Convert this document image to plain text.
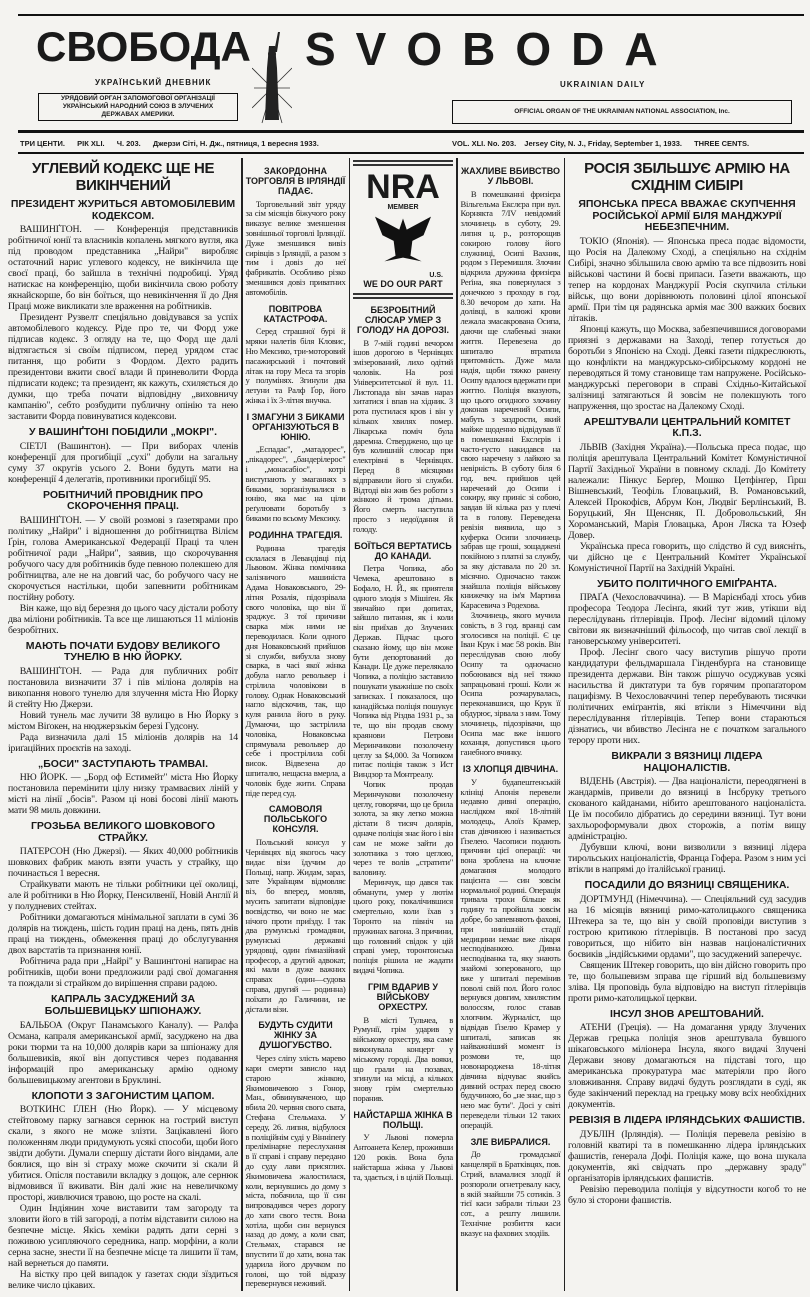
СВОБОДА SVOBODA
УКРАЇНСЬКИЙ ДНЕВНИК	UKRAINIAN DAILY
УРЯДОВИЙ ОРГАН ЗАПОМОГОВОЇ ОРГАНІЗАЦІЇ УКРАЇНСЬКИЙ НАРОДНИЙ СОЮЗ В ЗЛУЧЕНИХ ДЕРЖАВАХ АМЕРИКИ.	OFFICIAL ORGAN OF THE UKRAINIAN NATIONAL ASSOCIATION, Inc.
ТРИ ЦЕНТИ. РІК XLI. Ч. 203. Джерзи Сіті, Н. Дж., пятниця, 1 вересня 1933.	VOL. XLI. No. 203. Jersey City, N. J., Friday, September 1, 1933. THREE CENTS.
УГЛЕВИЙ КОДЕКС ЩЕ НЕ ВИКІНЧЕНИЙ
ПРЕЗИДЕНТ ЖУРИТЬСЯ АВТОМОБІЛЕВИМ КОДЕКСОМ.

ВАШИНҐТОН. — Конференція представників робітничої юнії та власників копалень мягкого вугля, яка під проводом представника „Найри" виробляє остаточний нарис углевого кодексу, не викінчила ще своєї праці, бо зайшла в технічні подробиці. Уряд натискає на конференцію, щоби викінчила свою роботу якнайскорше, бо він боїться, що невикінчення її до Дня Праці може викликати зле враження на робітників.

Президент Рузвелт спеціяльно довідувався за успіх автомобілевого кодексу. Ріде про те, чи Форд уже підписав кодекс. З огляду на те, що Форд ще далі відтягається зі своїм підписом, перед урядом стає питання, що робити з Фордом. Дехто радить президентови вжити своєї влади й приневолити Форда підписати кодекс; та президент, як кажуть, схиляється до думки, що треба почати відповідну „виховничу кампанію", себто розбудити публичну опінію та нею заставити Форда повинуватися кодексови.

У ВАШИНҐТОНІ ПОБІДИЛИ „МОКРІ".

СІЕТЛ (Вашинґтон). — При виборах членів конференції для прогибіції „сухі" добули на загальну суму 37 округів усього 2. Вони будуть мати на конференції 4 делегатів, противники прогибіції 95.

РОБІТНИЧИЙ ПРОВІДНИК ПРО СКОРОЧЕННЯ ПРАЦІ.

ВАШИНҐТОН. — У своїй розмові з ґазетярами про політику „Найри" і відношення до робітництва Вілієм Ґрін, голова Американської Федерації Праці та член робітничої ради „Найри", заявив, що скорочування робучого часу для робітників буде певною полекшею для робітництва, але не на довгий час, бо робучого часу не скорочується настільки, щоби запевнити робітникам постійну роботу.

Він каже, що від березня до цього часу дістали роботу два міліони робітників. Та все ще лишаються 11 міліонів безробітних.

МАЮТЬ ПОЧАТИ БУДОВУ ВЕЛИКОГО ТУНЕЛЮ В НЮ ЙОРКУ.

ВАШИНҐТОН. — Рада для публичних робіт постановила визначити 37 і пів міліона долярів на викопання нового тунелю для злучення міста Ню Йорку й стейту Ню Джерзи.

Новий тунель має лучити 38 вулицю в Ню Йорку з містом Віґокен, на нюджерзькім березі Гудсону.

Рада визначила далі 15 міліонів долярів на 14 іриґаційних проєктів на заході.

„БОСИ" ЗАСТУПАЮТЬ ТРАМВАІ.

НЮ ЙОРК. — „Борд оф Естимейт" міста Ню Йорку постановила перемінити цілу низку трамваєвих ліній у місті на лінії „босів". Разом ці нові босові лінії мають мати 98 миль довжини.

ГРОЗЬБА ВЕЛИКОГО ШОВКОВОГО СТРАЙКУ.

ПАТЕРСОН (Ню Джерзі). — Яких 40,000 робітників шовкових фабрик мають взяти участь у страйку, що починається 1 вересня.

Страйкувати мають не тільки робітники цеї околиці, але й робітники в Ню Йорку, Пенсилвенії, Новій Англії й у полудневих стейтах.

Робітники домагаються мінімальної заплати в сумі 36 долярів на тиждень, шість годин праці на день, пять днів праці на тиждень, обмеження праці до обслугування двох варстатів та признання юнії.

Робітнича рада при „Найрі" у Вашинґтоні напирає на робітників, щоби вони предложили раді свої домагання та пождали зі страйком до вирішення справи радою.

КАПРАЛЬ ЗАСУДЖЕНИЙ ЗА БОЛЬШЕВИЦЬКУ ШПІОНАЖУ.

БАЛЬБОА (Округ Панамського Каналу). — Ралфа Османа, капраля американської армії, засуджено на два роки тюрми та на 10,000 долярів кари за шпіонажу для большевиків, якої він допустився через подавання інформацій про американську армію одному большевицькому агентови в Бруклині.

КЛОПОТИ З ЗАГОНИСТИМ ЦАПОМ.

ВОТКИНС ҐЛЕН (Ню Йорк). — У місцевому стейтовому парку загнався сернюк на гострий виступ скали, з якого не може злізти. Зацікавлені його положенням люди придумують усякі способи, щоби його звідти добути. Думали спершу дістати його віндами, але боялися, що він зі страху може скочити зі скали й убитися. Опісля поставили вкладку з дощок, але сернюк відмовився її вживати. Він далі жиє на невеличкому просторі, живлючися травою, що росте на скалі.

Один Індіянин хоче виставити там загороду та зловити його в тій загороді, а потім відставити силою на безпечне місце. Якісь хеміки радять дати серні з поживою усипляючого середника, напр. морфіни, а коли серна засне, знести її на безпечне місце та лишити її там, най вернеться до памяти.

На вістку про цей випадок у ґазетах сюди зїздиться велике число цікавих.

ЗАКОРДОННА ТОРГОВЛЯ В ІРЛЯНДІЇ ПАДАЄ.

Торговельний звіт уряду за сім місяців біжучого року виказує велике зменшення зовнішньої торговлі Ірляндії. Дуже зменшився вивіз сирівців з Ірляндії, а разом з тим і довіз до неї фабрикатів. Особливо різко зменшився довіз приватних автомобілів.

ПОВІТРОВА КАТАСТРОФА.

Серед страшної бурі й мряки налетів біля Кловис, Ню Мексико, три-моторовий пасажирський і почтовий літак на гору Меса та згорів у полумінях. Згинули два летуни та Ралф Ґор, його жінка і їх 3-літня внучка.

І ЗМАГУНИ З БИКАМИ ОРГАНІЗУЮТЬСЯ В ЮНІЮ.

„Еспадас", „матадорес", „пікадорес", „бандерілерос" і „монасабіос", котрі виступають у змаганнях з биками, зорґанізувалися в юнію, яка має на ціли реґулювати боротьбу з биками по всьому Мексику.

РОДИННА ТРАГЕДІЯ.

Родинна трагедія склалася в Левандівці під Львовом. Жінка помічника залізничого машиніста Адама Новаковського, 29-літня Розалія, підозрівала свого чоловіка, що він її зраджує. З тої причини сварка між ними не переводилася. Коли одного дня Новаковський прийшов зі служби, вибухла знову сварка, в часі якої жінка добула нагло револьвер і стрілила чоловікови в голову. Однак Новаковський нагло відскочив, так, що куля ранила його в руку. Думаючи, що застрілила чоловіка, Новаковська спрямувала револьвер до себе і прострілила собі висок. Відвезена до шпиталю, нещасна вмерла, а чоловік буде жити. Справа піде перед суд.

САМОВОЛЯ ПОЛЬСЬКОГО КОНСУЛЯ.

Польський консул у Чернівцях від якогось часу видає візи їдучим до Польщі, напр. Жидам, зараз, зате Українцям відмовляє віз, бо вперед, мовляв, мусить запитати відповідне воєвідство, чи воно не має нічого проти приїзду. І так два румунські громадяни, румунські державні урядовці, один ґімназійний професор, а другий адвокат, які мали в дуже важних справах (один—судова справа, другий — родинна) поїхати до Галичини, не дістали візи.

БУДУТЬ СУДИТИ ЖІНКУ ЗА ДУШОГУБСТВО.

Через сліпу злість марево кари смерти зависло над старою жінкою, Якимовичевою з Гонор, Ман., обвинуваченою, що вбила 20. червня свого свата, Стефана Стельмаха. У середу, 26. липня, відбулося в поліційнім суді у Вінніпеґу прелімінарне переслухання в її справі і справу передано до суду лави присяглих. Якимовичева жалостилася, коли, вернувшись до дому з міста, побачила, що її син випровадився через дорогу до хати свого тестя. Вона хотіла, щоби син вернувся назад до дому, а коли сват, Стельмах, старався не впустити її до хати, вона так ударила його дручком по голові, що той відразу перевернувся неживий.

NRA
MEMBER
U.S.
WE DO OUR PART
БЕЗРОБІТНИЙ СЛЮСАР УМЕР З ГОЛОДУ НА ДОРОЗІ.

В 7-мій годині вечором ішов дорогою в Чернівцях змізерований, лихо одітий чоловік. На розі Університетської й вул. 11. Листопада він зачав нараз хитатися і впав на хідник. З рота пустилася кров і він у кількох хвилях помер. Лікарська поміч була даремна. Стверджено, що це був колишній слюсар при електрівні в Чернівцях. Перед 8 місяцями відправили його зі служби. Відтоді він жив без роботи з жінкою й трома дітьми. Його смерть наступила просто з недоїдання й голоду.

БОЇТЬСЯ ВЕРТАТИСЬ ДО КАНАДИ.

Петра Чопика, або Чемека, арештовано в Бофало, Н. Й., як приятеля одного злодія з Мішіґен. Як звичайно при допитах, зайшло питання, як і коли він приїхав до Злучених Держав. Підчас цього сказано йому, що він може бути депортований до Канади. Це дуже перелякало Чопика, а поліцію заставило пошукати уважніше по своїх записках. І показалося, що канадійська поліція пошукує Чопика від Різдва 1931 р., за те, що він продав свому краянови Петрови Меринчикови позолочену цеглу за $4,000. За Чопиком питає поліція також з Ист Виндзор та Монтреалу.

Чопик продав Меринчукови позолочену цеглу, говорячи, що це брила золота, за яку легко можна дістати 8 тисяч долярів, одначе поліція знає його і він сам не може зайти до золотника з тою цеглою, через те волів „стратити" валовину.

Меринчук, що дався так обманути, умер у лютім цього року, покалічившися смертельно, коли їхав з Торонто на північ на пружинах вагона. З причини, що головний свідок у цій справі умер, торонтонська поліція рішила не жадати видачі Чопика.

ГРІМ ВДАРИВ У ВІЙСЬКОВУ ОРХЕСТРУ.

В місті Тульчеа, в Румунії, грім ударив у військову орхестру, яка саме виконувала концерт у міському городі. Два вояки, що грали на позавах, згинули на місці, а кількох знову грім смертельно поранив.

НАЙСТАРША ЖІНКА В ПОЛЬЩІ.

У Львові померла Антоанета Келер, проживши 120 років. Вона була найстарша жінка у Львові та, здається, і в цілій Польщі.

ЖАХЛИВЕ ВБИВСТВО У ЛЬВОВІ.

В помешканні фризієра Вільгельма Екслєра при вул. Корнякта 7/IV невідомий злочинець в суботу, 29. липня ц. р., розторощив сокирою голову його служниці, Осипі Вахник, родом з Перемишля. Злочин відкрила дружина фризієра Реґіна, яка повернулася з донечкою з проходу в год. 8.30 вечором до хати. На долівці, в калюжі крови лежала змасакрована Осипа, даючи ще слабенькі знаки життя. Перевезена до шпиталю втратила притомність. Дуже мала надія, щоби тяжко ранену Осипу вдалося вдержати при життю. Поліція вказують, що цього огидного злочину доконав наречений Осипи, мабуть з заздрости, який майже щоденно відвідував її в помешканні Екслєрів і часто-густо накидався на свою наречену з лайкою за невірність. В суботу біля 6 год. веч. прийшов цей наречений до Осипи і сокиру, яку приніс зі собою, завдав їй кілька раз у плечі та в голову. Переведена ревізія виявила, що з куферка Осипи злочинець забрав ще гроші, зощаджені покійною з платні за службу, за яку діставала по 20 зл. місячно. Одночасно також знайшла поліція військову книжечку на ім'я Мартина Карасевича з Родехова.

Злочинець, якого мучила совість, в 3 год. вранці сам зголосився на поліції. Є це Іван Крук і має 58 років. Він переслідував свою любу Осипу та одночасно побоювався від неї тяжко запрацьовані гроші. Коли ж Осипа розчарувалась, переконавшися, що Крук її обдурює, зірвала з ним. Тому злочинець, підозрівачи, що Осипа має вже іншого коханця, допустився цього ганебного вчинку.

ІЗ ХЛОПЦЯ ДІВЧИНА.

У будапештенській клініці Апонія перевели недавно дивні операцію, наслідком якої 18-літній молодець, Алоїз Крамер, став дівчиною і називається Ґізелею. Часописи подають причини цієї операції: чи вона зроблена на ключне домагання молодого пацієнта — син зовсім нормальної родині. Операція тривала трохи більше як годину та пройшла зовсім добре, бо запевняють фахові, при нинішній стадії медицини немає вже лікаря несподіванкою. Дивна несподіванка та, яку знають знайомі зоперованого, що вже у шпиталі перемінив поволі свій пол. Його голос вернувся довгим, хвилястим волоссям, голос ставав хлопчим. Журналіст, що відвідав Ґізелю Крамер у шпиталі, записав як найважніший момент із розмови те, що новонароджена 18-літня дівчина відчуває якийсь дивний острах перед своєю будучиною, бо „не знає, що з нею має бути". Досі у світі переведели тільки 12 таких операцій.

ЗЛЕ ВИБРАЛИСЯ.

До громадської канцелярії в Братківцях, пов. Стрий, вламалися злодії й розпороли огнетревалу касу, в якій знайшли 75 сотиків. З тієї каси забрали тільки 23 сот., а решту лишили. Технічне розбиття каси вказує на фахових злодіїв.

РОСІЯ ЗБІЛЬШУЄ АРМІЮ НА СХІДНІМ СИБІРІ
ЯПОНСЬКА ПРЕСА ВВАЖАЄ СКУПЧЕННЯ РОСІЙСЬКОЇ АРМІЇ БІЛЯ МАНДЖУРІЇ НЕБЕЗПЕЧНИМ.

ТОКІО (Японія). — Японська преса подає відомости, що Росія на Далекому Сході, а спеціяльно на східнім Сибірі, значно збільшила свою армію та все підвозить нові військові частини й боєві припаси. Ґазети вважають, що тепер на кордонах Манджурії Росія скупчила стільки військ, що вони дорівнюють половині цілої японської армії. При тім ця радянська армія має 300 важких боєвих літаків.

Японці кажуть, що Москва, забезпечившися договорами приязні з державами на Заході, тепер готується до боротьби з Японією на Сході. Деякі ґазети підкреслюють, що конфлікти на манджурсько-сибірському кордоні не переводяться й тому становище там напружене. Російсько-манджурські переговори в справі Східньо-Китайської залізниці затягаються й зовсім не полекшують того напруження, що зростає на Далекому Сході.

АРЕШТУВАЛИ ЦЕНТРАЛЬНИЙ КОМІТЕТ К.П.З.

ЛЬВІВ (Західня Україна).—Польська преса подає, що поліція арештувала Центральний Комітет Комуністичної Партії Західньої України в повному складі. До Комітету належали: Пінкус Берґер, Мошко Цетфінґер, Ґірш Вішневський, Теофіль Ґловацький, В. Романовський, Алексей Прокофієв, Абрум Кон, Людвіґ Берлінський, В. Боруцький, Ян Щенсняк, П. Добровольський, Ян Хороманський, Марія Ґловацька, Арон Ляска та Юзеф Довер.

Українська преса говорить, що слідство й суд виясніть, чи дійсно це є Центральний Комітет Української Комуністичної Партії на Західній Україні.

УБИТО ПОЛІТИЧНОГО ЕМІҐРАНТА.

ПРАҐА (Чехословаччина). — В Марієнбаді хтось убив професора Теодора Лесінґа, який тут жив, утікши від переслідувань ґітлерівців. Проф. Лесінґ відомий цілому світови як визначніший фільософ, що читав свої лекції в гановерському університеті.

Проф. Лесінґ свого часу виступив рішучо проти кандидатури фельдмаршала Гінденбурґа на становище президента держави. Він також рішучо осуджував усякі насильства й диктатури та був горячим пропаґатором пацифізму. В Чехословаччині тепер перебувають тисячки політичних еміґрантів, які втікли з Німеччини від переслідування ґітлерівців. Тепер вони стараються дізнатись, чи вбивство Лесінґа не є початком загального терору проти них.

ВИКРАЛИ З ВЯЗНИЦІ ЛІДЕРА НАЦІОНАЛІСТІВ.

ВІДЕНЬ (Австрія). — Два націоналісти, переодягнені в жандармів, привели до вязниці в Інсбруку третього скованого кайданами, нібито арештованого націоналіста. Це їм пособило дібратись до середини вязниці. Тут вони захльороформували двох сторожів, а потім вищу адміністрацію.

Дубувши ключі, вони визволили з вязниці лідера тирольських націоналістів, Франца Гофера. Разом з ним усі втікли в напрямі до італійської границі.

ПОСАДИЛИ ДО ВЯЗНИЦІ СВЯЩЕНИКА.

ДОРТМУНД (Німеччина). — Спеціяльний суд засудив на 16 місяців вязниці римо-католицького священика Штекера за те, що він у своїй проповіди виступив з гострою критикою ґітлерівців. В постанові про засуд говориться, що нібито він назвав націоналістичних боєвиків „індійськими ордами", що засуджений заперечує.

Священик Штекер говорить, що він дійсно говорить про те, що большевизм зправа ще гірший від большевизму зліва. Ця проповідь була відповідю на виступ ґітлерівців проти римо-католицької церкви.

ІНСУЛ ЗНОВ АРЕШТОВАНИЙ.

АТЕНИ (Греція). — На домагання уряду Злучених Держав грецька поліція знов арештувала бувшого шікаґовського міліонера Інсула, якого видачі Злучені Держави знову домагаються на підставі того, що американська прокуратура має матеріяли про його зловживання. Справу видачі будуть розглядати в суді, як буде закінчений переклад на грецьку мову всіх необхідних документів.

РЕВІЗІЯ В ЛІДЕРА ІРЛЯНДСЬКИХ ФАШИСТІВ.

ДУБЛІН (Ірляндія). — Поліція перевела ревізію в головній кватирі та в помешканню лідера ірляндських фашистів, ґенерала Дофі. Поліція каже, що вона шукала документів, які свідчать про „державну зраду" орґанізаторів ірляндських фашистів.

Ревізію переводила поліція у відсутности когоб то не було зі сторони фашистів.
